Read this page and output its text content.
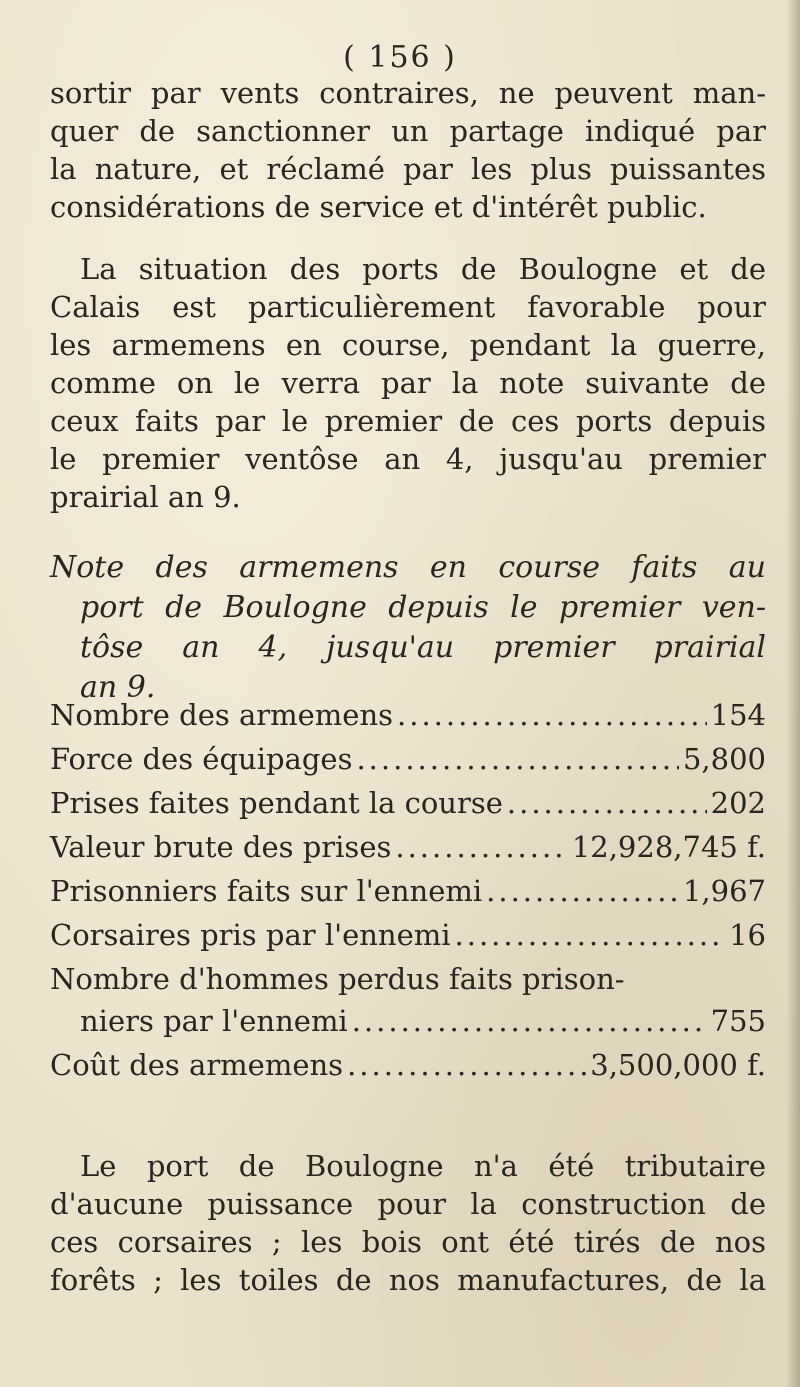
( 156 )
sortir par vents contraires, ne peuvent man-
quer de sanctionner un partage indiqué par
la nature, et réclamé par les plus puissantes
considérations de service et d'intérêt public.
La situation des ports de Boulogne et de
Calais est particulièrement favorable pour
les armemens en course, pendant la guerre,
comme on le verra par la note suivante de
ceux faits par le premier de ces ports depuis
le premier ventôse an 4, jusqu'au premier
prairial an 9.
Note des armemens en course faits au
port de Boulogne depuis le premier ven-
tôse an 4, jusqu'au premier prairial
an 9.
Nombre des armemens .....	154
Force des équipages .....	5,800
Prises faites pendant la course .....	202
Valeur brute des prises .....	12,928,745 f.
Prisonniers faits sur l'ennemi .....	1,967
Corsaires pris par l'ennemi .....	16
Nombre d'hommes perdus faits prison-
niers par l'ennemi .....	755
Coût des armemens .....	3,500,000 f.
Le port de Boulogne n'a été tributaire
d'aucune puissance pour la construction de
ces corsaires ; les bois ont été tirés de nos
forêts ; les toiles de nos manufactures, de la
